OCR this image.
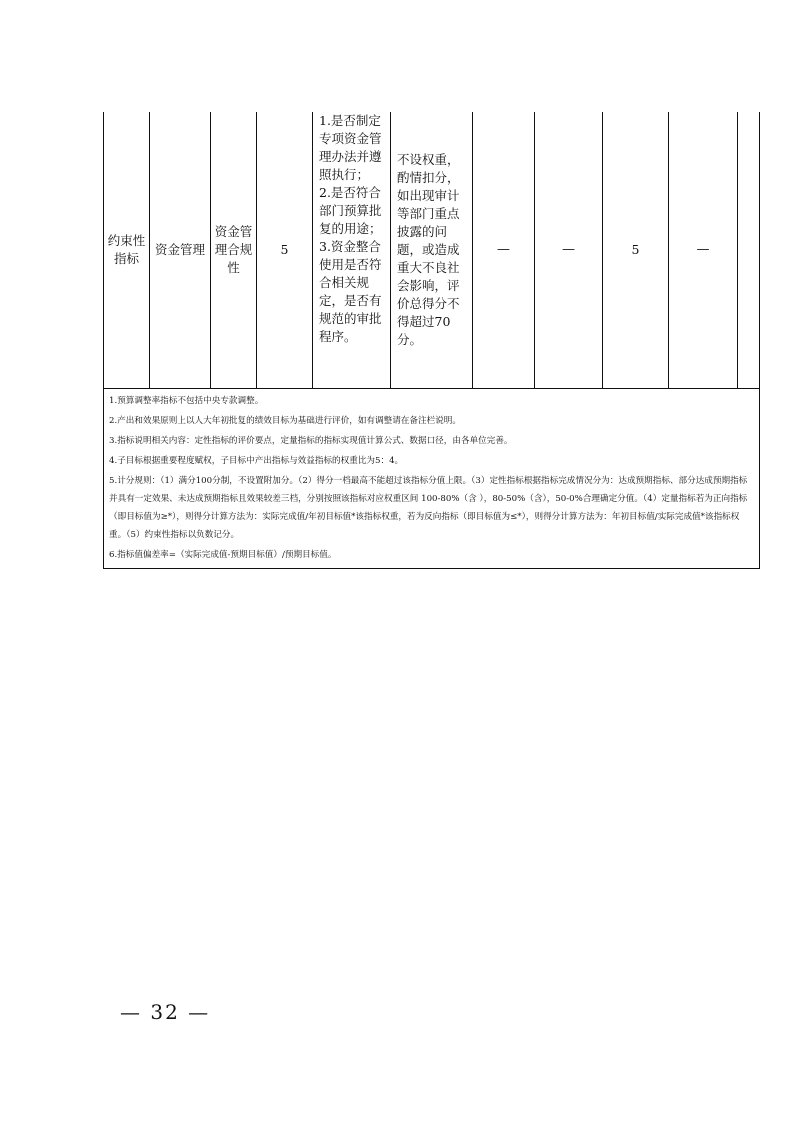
约束性指标	资金管理	资金管理合规性	5	
1.是否制定专项资金管理办法并遵照执行；
2.是否符合部门预算批复的用途；
3.资金整合使用是否符合相关规定，是否有规范的审批程序。
	不设权重，酌情扣分，如出现审计等部门重点披露的问题，或造成重大不良社会影响，评价总得分不得超过70分。	—	—	5	—	

1.预算调整率指标不包括中央专款调整。
2.产出和效果原则上以人大年初批复的绩效目标为基础进行评价，如有调整请在备注栏说明。
3.指标说明相关内容：定性指标的评价要点，定量指标的指标实现值计算公式、数据口径，由各单位完善。
4.子目标根据重要程度赋权，子目标中产出指标与效益指标的权重比为5：4。
5.计分规则：（1）满分100分制，不设置附加分。（2）得分一档最高不能超过该指标分值上限。（3）定性指标根据指标完成情况分为：达成预期指标、部分达成预期指标并具有一定效果、未达成预期指标且效果较差三档，分别按照该指标对应权重区间 100-80%（含 ），80-50%（含），50-0%合理确定分值。（4）定量指标若为正向指标（即目标值为≥*），则得分计算方法为：实际完成值/年初目标值*该指标权重，若为反向指标（即目标值为≤*），则得分计算方法为：年初目标值/实际完成值*该指标权重。（5）约束性指标以负数记分。
6.指标值偏差率=（实际完成值-预期目标值）/预期目标值。
— 32 —
